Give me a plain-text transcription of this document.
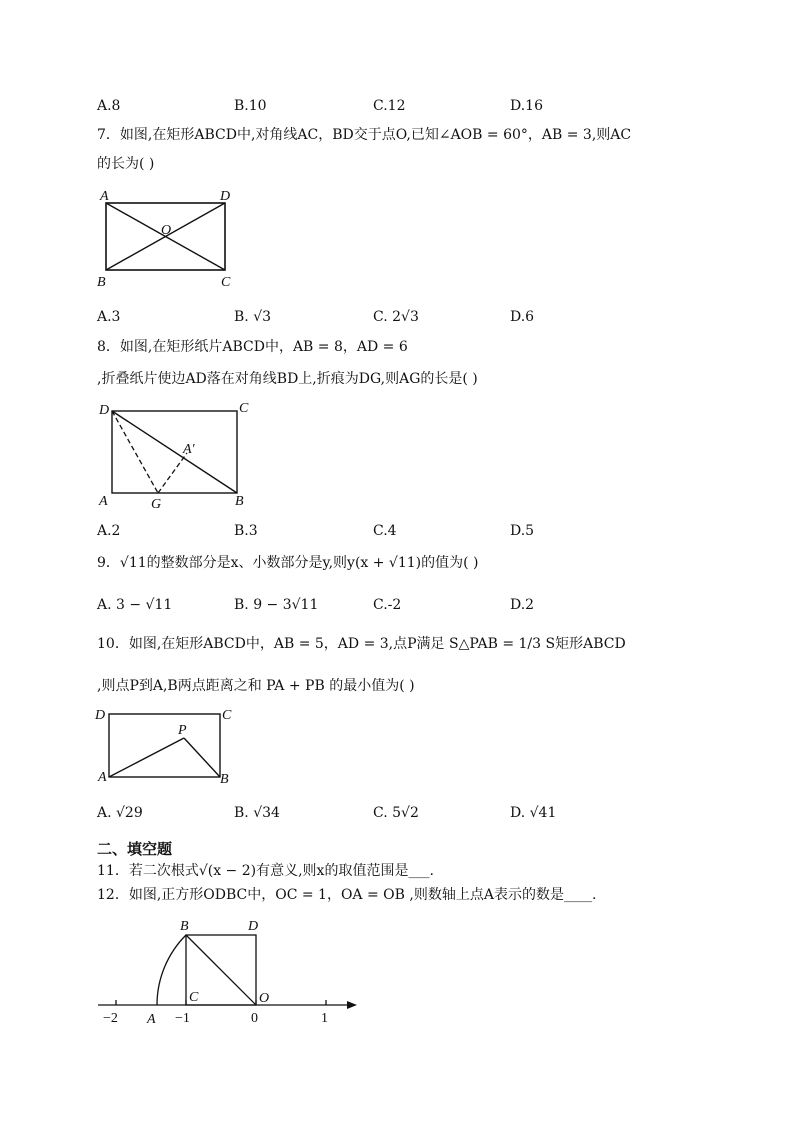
A.8	B.10	C.12	D.16
7．如图,在矩形ABCD中,对角线AC，BD交于点O,已知∠AOB = 60°，AB = 3,则AC
的长为( )
A	D
O
B	C
A.3	B. √3	C. 2√3	D.6
8．如图,在矩形纸片ABCD中，AB = 8，AD = 6
,折叠纸片使边AD落在对角线BD上,折痕为DG,则AG的长是( )
D	C
A′
A	G	B
A.2	B.3	C.4	D.5
9．√11的整数部分是x、小数部分是y,则y(x + √11)的值为( )
A. 3 − √11	B. 9 − 3√11	C.-2	D.2
10．如图,在矩形ABCD中，AB = 5，AD = 3,点P满足 S△PAB = 1/3 S矩形ABCD
,则点P到A,B两点距离之和 PA + PB 的最小值为( )
D	C
P
A	B
A. √29	B. √34	C. 5√2	D. √41
二、填空题
11．若二次根式√(x − 2)有意义,则x的取值范围是___.
12．如图,正方形ODBC中，OC = 1，OA = OB ,则数轴上点A表示的数是____.
B	D
C	O
A
−2	−1	0	1
